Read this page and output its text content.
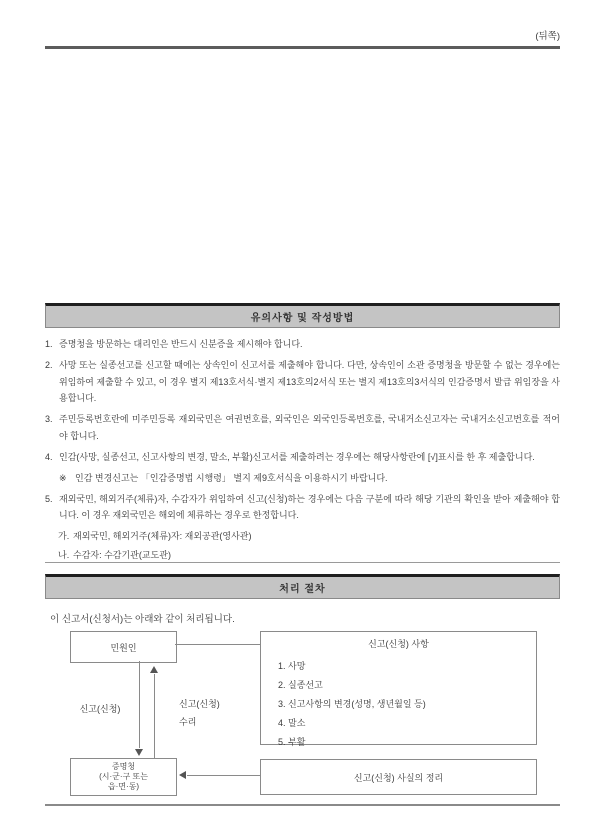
(뒤쪽)
유의사항 및 작성방법
1. 증명청을 방문하는 대리인은 반드시 신분증을 제시해야 합니다.
2. 사망 또는 실종선고를 신고할 때에는 상속인이 신고서를 제출해야 합니다. 다만, 상속인이 소관 증명청을 방문할 수 없는 경우에는 위임하여 제출할 수 있고, 이 경우 별지 제13호서식·별지 제13호의2서식 또는 별지 제13호의3서식의 인감증명서 발급 위임장을 사용합니다.
3. 주민등록번호란에 미주민등록 재외국민은 여권번호를, 외국인은 외국인등록번호를, 국내거소신고자는 국내거소신고번호를 적어야 합니다.
4. 인감(사망, 실종선고, 신고사항의 변경, 말소, 부활)신고서를 제출하려는 경우에는 해당사항란에 [√]표시를 한 후 제출합니다.
※ 인감 변경신고는 「인감증명법 시행령」 별지 제9호서식을 이용하시기 바랍니다.
5. 재외국민, 해외거주(체류)자, 수감자가 위임하여 신고(신청)하는 경우에는 다음 구분에 따라 해당 기관의 확인을 받아 제출해야 합니다. 이 경우 재외국민은 해외에 체류하는 경우로 한정합니다.
가. 재외국민, 해외거주(체류)자: 재외공관(영사관)
나. 수감자: 수감기관(교도관)
처리 절차
이 신고서(신청서)는 아래와 같이 처리됩니다.
민원인	신고(신청) 사항
1. 사망
2. 실종선고
3. 신고사항의 변경(성명, 생년월일 등)
4. 말소
5. 부활
신고(신청)	신고(신청)
수리
증명청
(시·군·구 또는
읍·면·동)
신고(신청) 사실의 정리
